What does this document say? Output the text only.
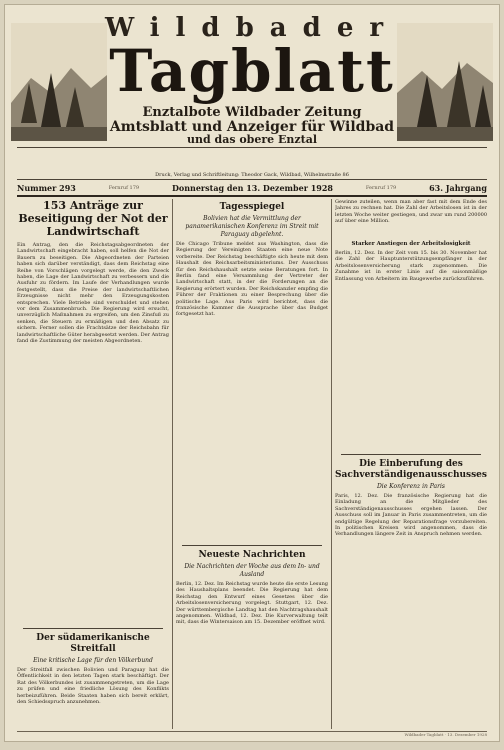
Wildbader
Tagblatt
Enztalbote Wildbader Zeitung
Amtsblatt und Anzeiger für Wildbad
und das obere Enztal
Druck, Verlag und Schriftleitung: Theodor Gack, Wildbad, Wilhelmstraße 86
Nummer 293	Fernruf 179	Donnerstag den 13. Dezember 1928	Fernruf 179	63. Jahrgang
153 Anträge zur Beseitigung der Not der Landwirtschaft

Ein Antrag, den die Reichstagsabgeordneten der Landwirtschaft eingebracht haben, soll helfen die Not der Bauern zu beseitigen. Die Abgeordneten der Parteien haben sich darüber verständigt, dass dem Reichstag eine Reihe von Vorschlägen vorgelegt werde, die den Zweck haben, die Lage der Landwirtschaft zu verbessern und die Ausfuhr zu fördern. Im Laufe der Verhandlungen wurde festgestellt, dass die Preise der landwirtschaftlichen Erzeugnisse nicht mehr den Erzeugungskosten entsprechen. Viele Betriebe sind verschuldet und stehen vor dem Zusammenbruch. Die Regierung wird ersucht, unverzüglich Maßnahmen zu ergreifen, um den Zinsfuß zu senken, die Steuern zu ermäßigen und den Absatz zu sichern. Ferner sollen die Frachtsätze der Reichsbahn für landwirtschaftliche Güter herabgesetzt werden. Der Antrag fand die Zustimmung der meisten Abgeordneten.

Der südamerikanische Streitfall
Eine kritische Lage für den Völkerbund

Der Streitfall zwischen Bolivien und Paraguay hat die Öffentlichkeit in den letzten Tagen stark beschäftigt. Der Rat des Völkerbundes ist zusammengetreten, um die Lage zu prüfen und eine friedliche Lösung des Konflikts herbeizuführen. Beide Staaten haben sich bereit erklärt, den Schiedsspruch anzunehmen.

Tagesspiegel
Bolivien hat die Vermittlung der panamerikanischen Konferenz im Streit mit Paraguay abgelehnt.

Die Chicago Tribune meldet aus Washington, dass die Regierung der Vereinigten Staaten eine neue Note vorbereite. Der Reichstag beschäftigte sich heute mit dem Haushalt des Reichsarbeitsministeriums. Der Ausschuss für den Reichshaushalt setzte seine Beratungen fort. In Berlin fand eine Versammlung der Vertreter der Landwirtschaft statt, in der die Forderungen an die Regierung erörtert wurden. Der Reichskanzler empfing die Führer der Fraktionen zu einer Besprechung über die politische Lage. Aus Paris wird berichtet, dass die französische Kammer die Aussprache über das Budget fortgesetzt hat.

Neueste Nachrichten
Die Nachrichten der Woche aus dem In- und Ausland

Berlin, 12. Dez. Im Reichstag wurde heute die erste Lesung des Haushaltsplans beendet. Die Regierung hat dem Reichstag den Entwurf eines Gesetzes über die Arbeitslosenversicherung vorgelegt. Stuttgart, 12. Dez. Der württembergische Landtag hat den Nachtragshaushalt angenommen. Wildbad, 12. Dez. Die Kurverwaltung teilt mit, dass die Wintersaison am 15. Dezember eröffnet wird.

Gewinne zuteilen, wenn man aber fast mit dem Ende des Jahres zu rechnen hat. Die Zahl der Arbeitslosen ist in der letzten Woche weiter gestiegen, und zwar um rund 200000 auf über eine Million.

Starker Anstiegen der Arbeitslosigkeit

Berlin, 12. Dez. In der Zeit vom 15. bis 30. November hat die Zahl der Hauptunterstützungsempfänger in der Arbeitslosenversicherung stark zugenommen. Die Zunahme ist in erster Linie auf die saisonmäßige Entlassung von Arbeitern im Baugewerbe zurückzuführen.

Die Einberufung des Sachverständigenausschusses
Die Konferenz in Paris

Paris, 12. Dez. Die französische Regierung hat die Einladung an die Mitglieder des Sachverständigenausschusses ergehen lassen. Der Ausschuss soll im Januar in Paris zusammentreten, um die endgültige Regelung der Reparationsfrage vorzubereiten. In politischen Kreisen wird angenommen, dass die Verhandlungen längere Zeit in Anspruch nehmen werden.

Wildbader Tagblatt · 13. Dezember 1928
